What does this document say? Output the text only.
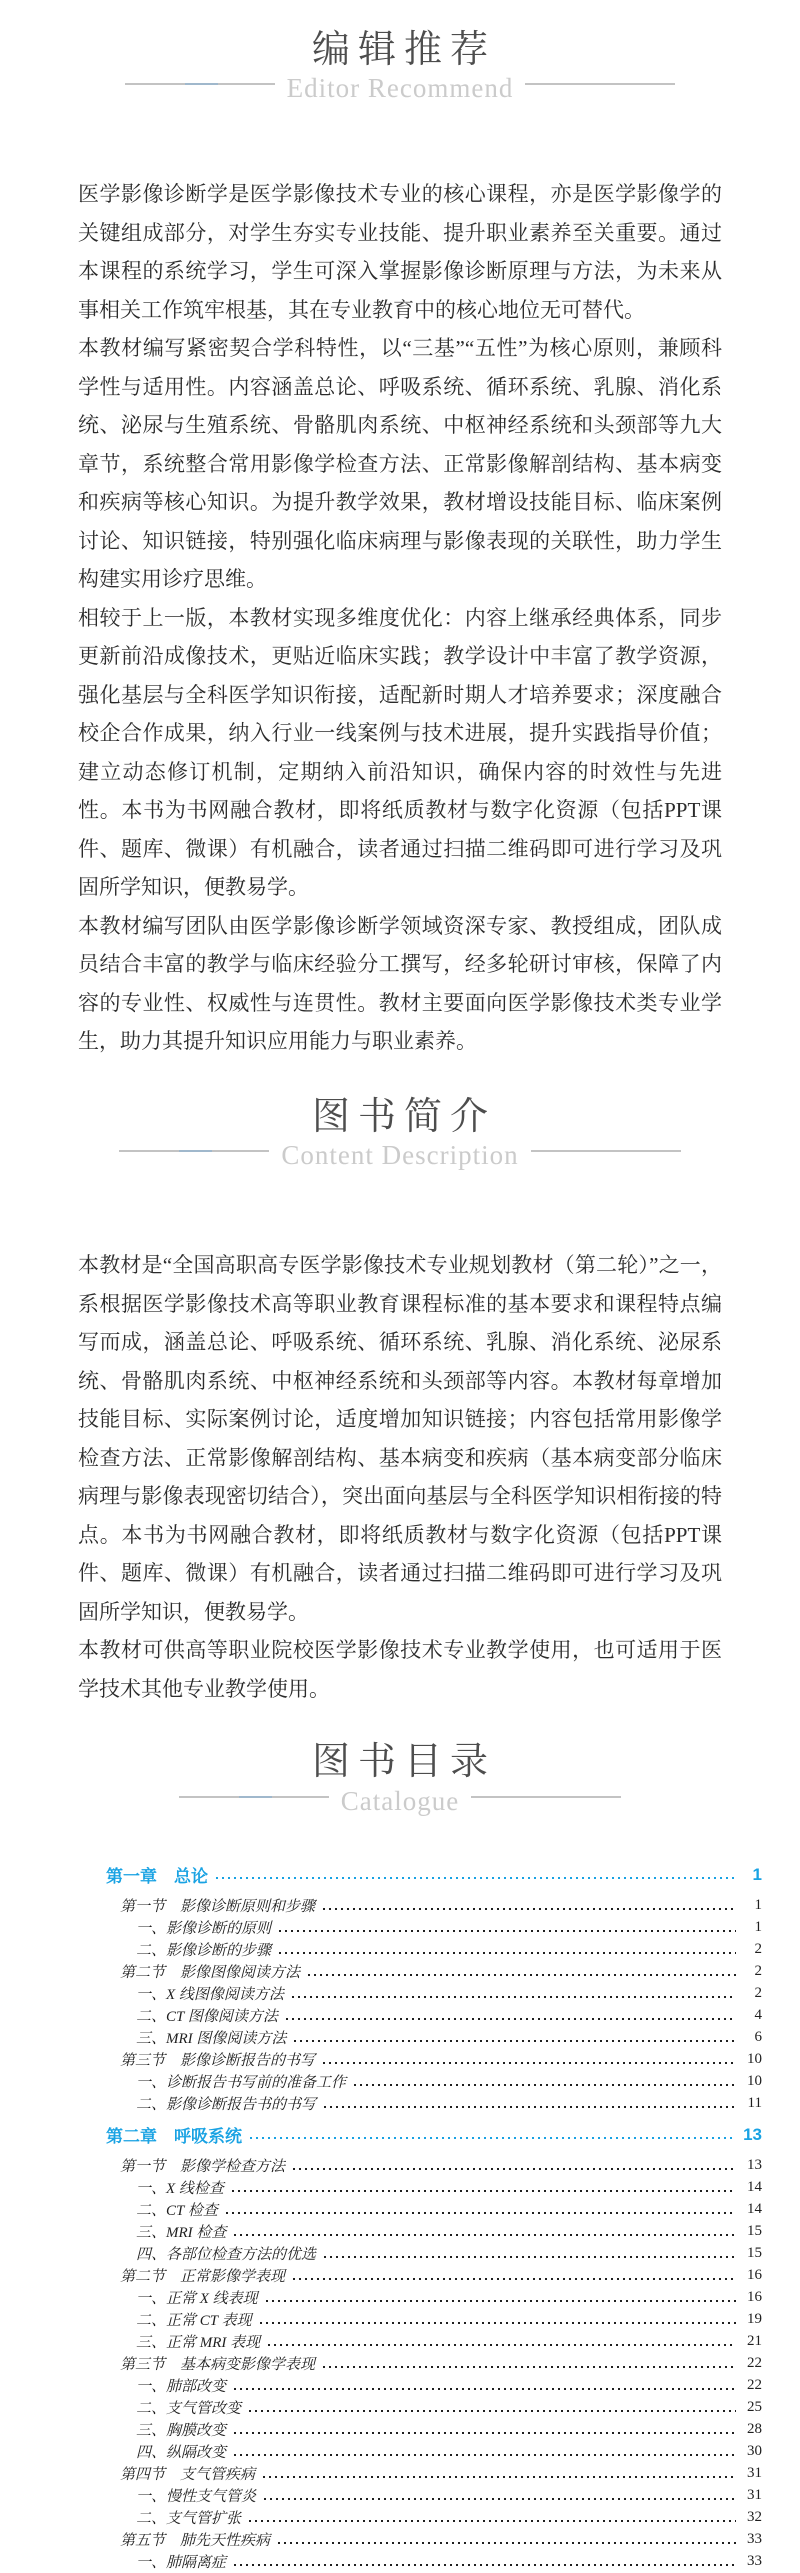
编辑推荐
Editor Recommend

医学影像诊断学是医学影像技术专业的核心课程，亦是医学影像学的关键组成部分，对学生夯实专业技能、提升职业素养至关重要。通过本课程的系统学习，学生可深入掌握影像诊断原理与方法，为未来从事相关工作筑牢根基，其在专业教育中的核心地位无可替代。

本教材编写紧密契合学科特性，以“三基”“五性”为核心原则，兼顾科学性与适用性。内容涵盖总论、呼吸系统、循环系统、乳腺、消化系统、泌尿与生殖系统、骨骼肌肉系统、中枢神经系统和头颈部等九大章节，系统整合常用影像学检查方法、正常影像解剖结构、基本病变和疾病等核心知识。为提升教学效果，教材增设技能目标、临床案例讨论、知识链接，特别强化临床病理与影像表现的关联性，助力学生构建实用诊疗思维。

相较于上一版，本教材实现多维度优化：内容上继承经典体系，同步更新前沿成像技术，更贴近临床实践；教学设计中丰富了教学资源，强化基层与全科医学知识衔接，适配新时期人才培养要求；深度融合校企合作成果，纳入行业一线案例与技术进展，提升实践指导价值；建立动态修订机制，定期纳入前沿知识，确保内容的时效性与先进性。本书为书网融合教材，即将纸质教材与数字化资源（包括PPT课件、题库、微课）有机融合，读者通过扫描二维码即可进行学习及巩固所学知识，便教易学。

本教材编写团队由医学影像诊断学领域资深专家、教授组成，团队成员结合丰富的教学与临床经验分工撰写，经多轮研讨审核，保障了内容的专业性、权威性与连贯性。教材主要面向医学影像技术类专业学生，助力其提升知识应用能力与职业素养。

图书简介
Content Description

本教材是“全国高职高专医学影像技术专业规划教材（第二轮）”之一，系根据医学影像技术高等职业教育课程标准的基本要求和课程特点编写而成，涵盖总论、呼吸系统、循环系统、乳腺、消化系统、泌尿系统、骨骼肌肉系统、中枢神经系统和头颈部等内容。本教材每章增加技能目标、实际案例讨论，适度增加知识链接；内容包括常用影像学检查方法、正常影像解剖结构、基本病变和疾病（基本病变部分临床病理与影像表现密切结合），突出面向基层与全科医学知识相衔接的特点。本书为书网融合教材，即将纸质教材与数字化资源（包括PPT课件、题库、微课）有机融合，读者通过扫描二维码即可进行学习及巩固所学知识，便教易学。

本教材可供高等职业院校医学影像技术专业教学使用，也可适用于医学技术其他专业教学使用。

图书目录
Catalogue
第一章　总论	1
第一节　影像诊断原则和步骤	1
一、影像诊断的原则	1
二、影像诊断的步骤	2
第二节　影像图像阅读方法	2
一、X 线图像阅读方法	2
二、CT 图像阅读方法	4
三、MRI 图像阅读方法	6
第三节　影像诊断报告的书写	10
一、诊断报告书写前的准备工作	10
二、影像诊断报告书的书写	11
第二章　呼吸系统	13
第一节　影像学检查方法	13
一、X 线检查	14
二、CT 检查	14
三、MRI 检查	15
四、各部位检查方法的优选	15
第二节　正常影像学表现	16
一、正常 X 线表现	16
二、正常 CT 表现	19
三、正常 MRI 表现	21
第三节　基本病变影像学表现	22
一、肺部改变	22
二、支气管改变	25
三、胸膜改变	28
四、纵隔改变	30
第四节　支气管疾病	31
一、慢性支气管炎	31
二、支气管扩张	32
第五节　肺先天性疾病	33
一、肺隔离症	33
